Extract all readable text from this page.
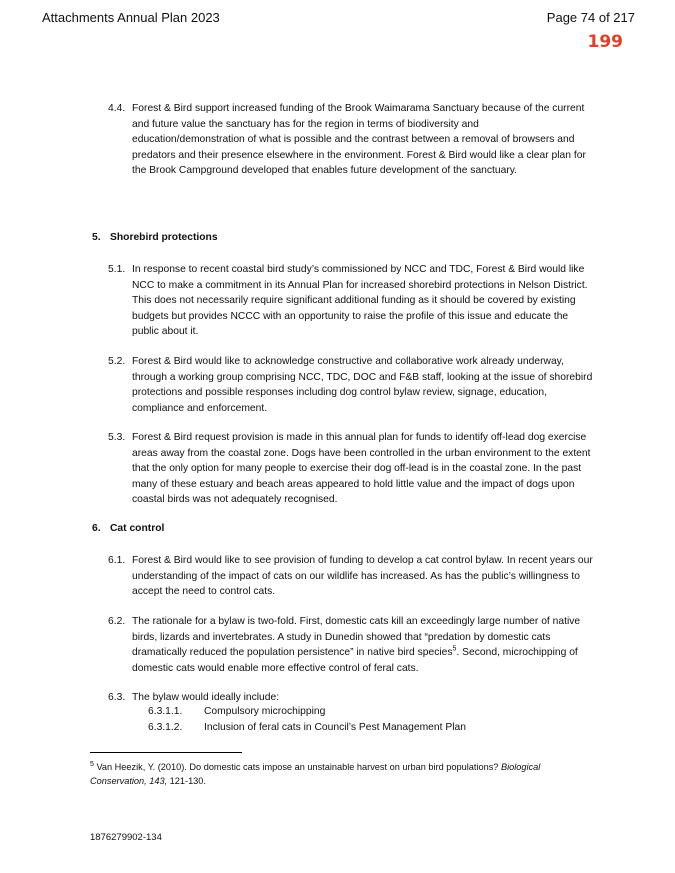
Attachments Annual Plan 2023	Page 74 of 217
199
4.4. Forest & Bird support increased funding of the Brook Waimarama Sanctuary because of the current and future value the sanctuary has for the region in terms of biodiversity and education/demonstration of what is possible and the contrast between a removal of browsers and predators and their presence elsewhere in the environment. Forest & Bird would like a clear plan for the Brook Campground developed that enables future development of the sanctuary.
5. Shorebird protections
5.1. In response to recent coastal bird study’s commissioned by NCC and TDC, Forest & Bird would like NCC to make a commitment in its Annual Plan for increased shorebird protections in Nelson District. This does not necessarily require significant additional funding as it should be covered by existing budgets but provides NCCC with an opportunity to raise the profile of this issue and educate the public about it.
5.2. Forest & Bird would like to acknowledge constructive and collaborative work already underway, through a working group comprising NCC, TDC, DOC and F&B staff, looking at the issue of shorebird protections and possible responses including dog control bylaw review, signage, education, compliance and enforcement.
5.3. Forest & Bird request provision is made in this annual plan for funds to identify off-lead dog exercise areas away from the coastal zone. Dogs have been controlled in the urban environment to the extent that the only option for many people to exercise their dog off-lead is in the coastal zone. In the past many of these estuary and beach areas appeared to hold little value and the impact of dogs upon coastal birds was not adequately recognised.
6. Cat control
6.1. Forest & Bird would like to see provision of funding to develop a cat control bylaw. In recent years our understanding of the impact of cats on our wildlife has increased. As has the public’s willingness to accept the need to control cats.
6.2. The rationale for a bylaw is two-fold. First, domestic cats kill an exceedingly large number of native birds, lizards and invertebrates. A study in Dunedin showed that “predation by domestic cats dramatically reduced the population persistence” in native bird species$^5$. Second, microchipping of domestic cats would enable more effective control of feral cats.
6.3. The bylaw would ideally include:
6.3.1.1. Compulsory microchipping
6.3.1.2. Inclusion of feral cats in Council’s Pest Management Plan
$^5$ Van Heezik, Y. (2010). Do domestic cats impose an unstainable harvest on urban bird populations? Biological Conservation, 143, 121-130.
1876279902-134
